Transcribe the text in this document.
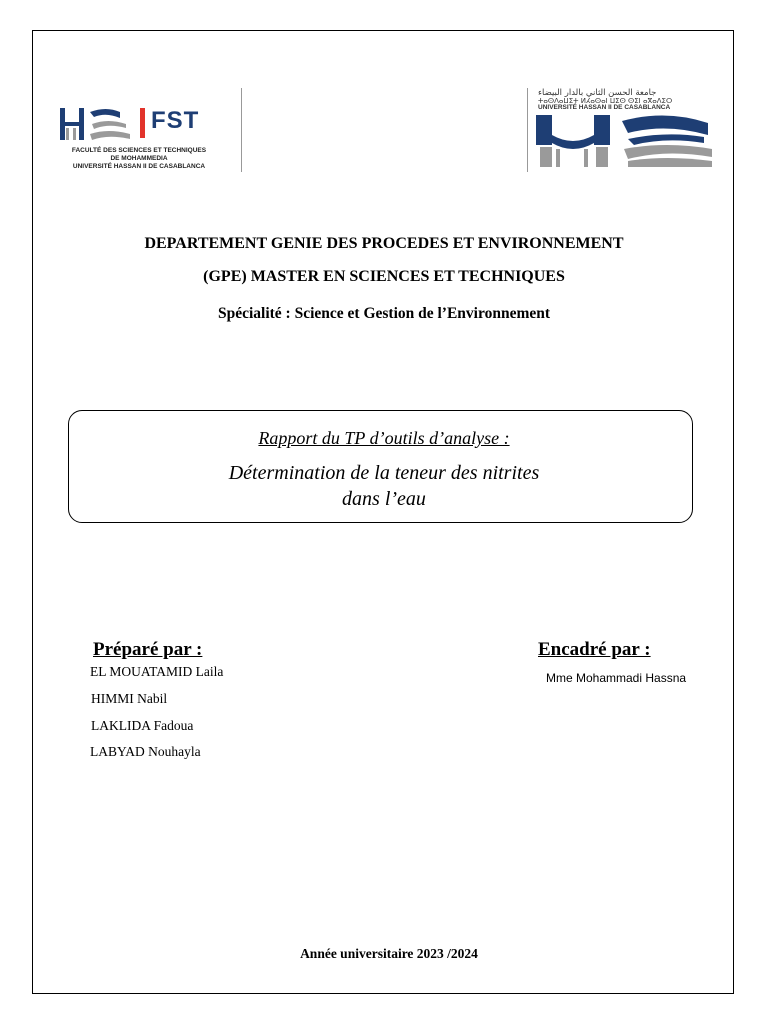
FST
FACULTÉ DES SCIENCES ET TECHNIQUES
DE MOHAMMEDIA
UNIVERSITÉ HASSAN II DE CASABLANCA
جامعة الحسن الثاني بالدار البيضاء
ⵜⴰⵙⴷⴰⵡⵉⵜ ⵍⵃⴰⵙⴰⵏ ⵡⵉⵙ ⵙⵉⵏ ⴰⴳⴰⴷⵉⵔ
UNIVERSITÉ HASSAN II DE CASABLANCA
DEPARTEMENT GENIE DES PROCEDES ET ENVIRONNEMENT
(GPE) MASTER EN SCIENCES ET TECHNIQUES
Spécialité : Science et Gestion de l’Environnement
Rapport du TP d’outils d’analyse :
Détermination de la teneur des nitrites
dans l’eau
Préparé par :
EL MOUATAMID Laila
HIMMI Nabil
LAKLIDA Fadoua
LABYAD Nouhayla
Encadré par :
Mme Mohammadi Hassna
Année universitaire 2023 /2024
